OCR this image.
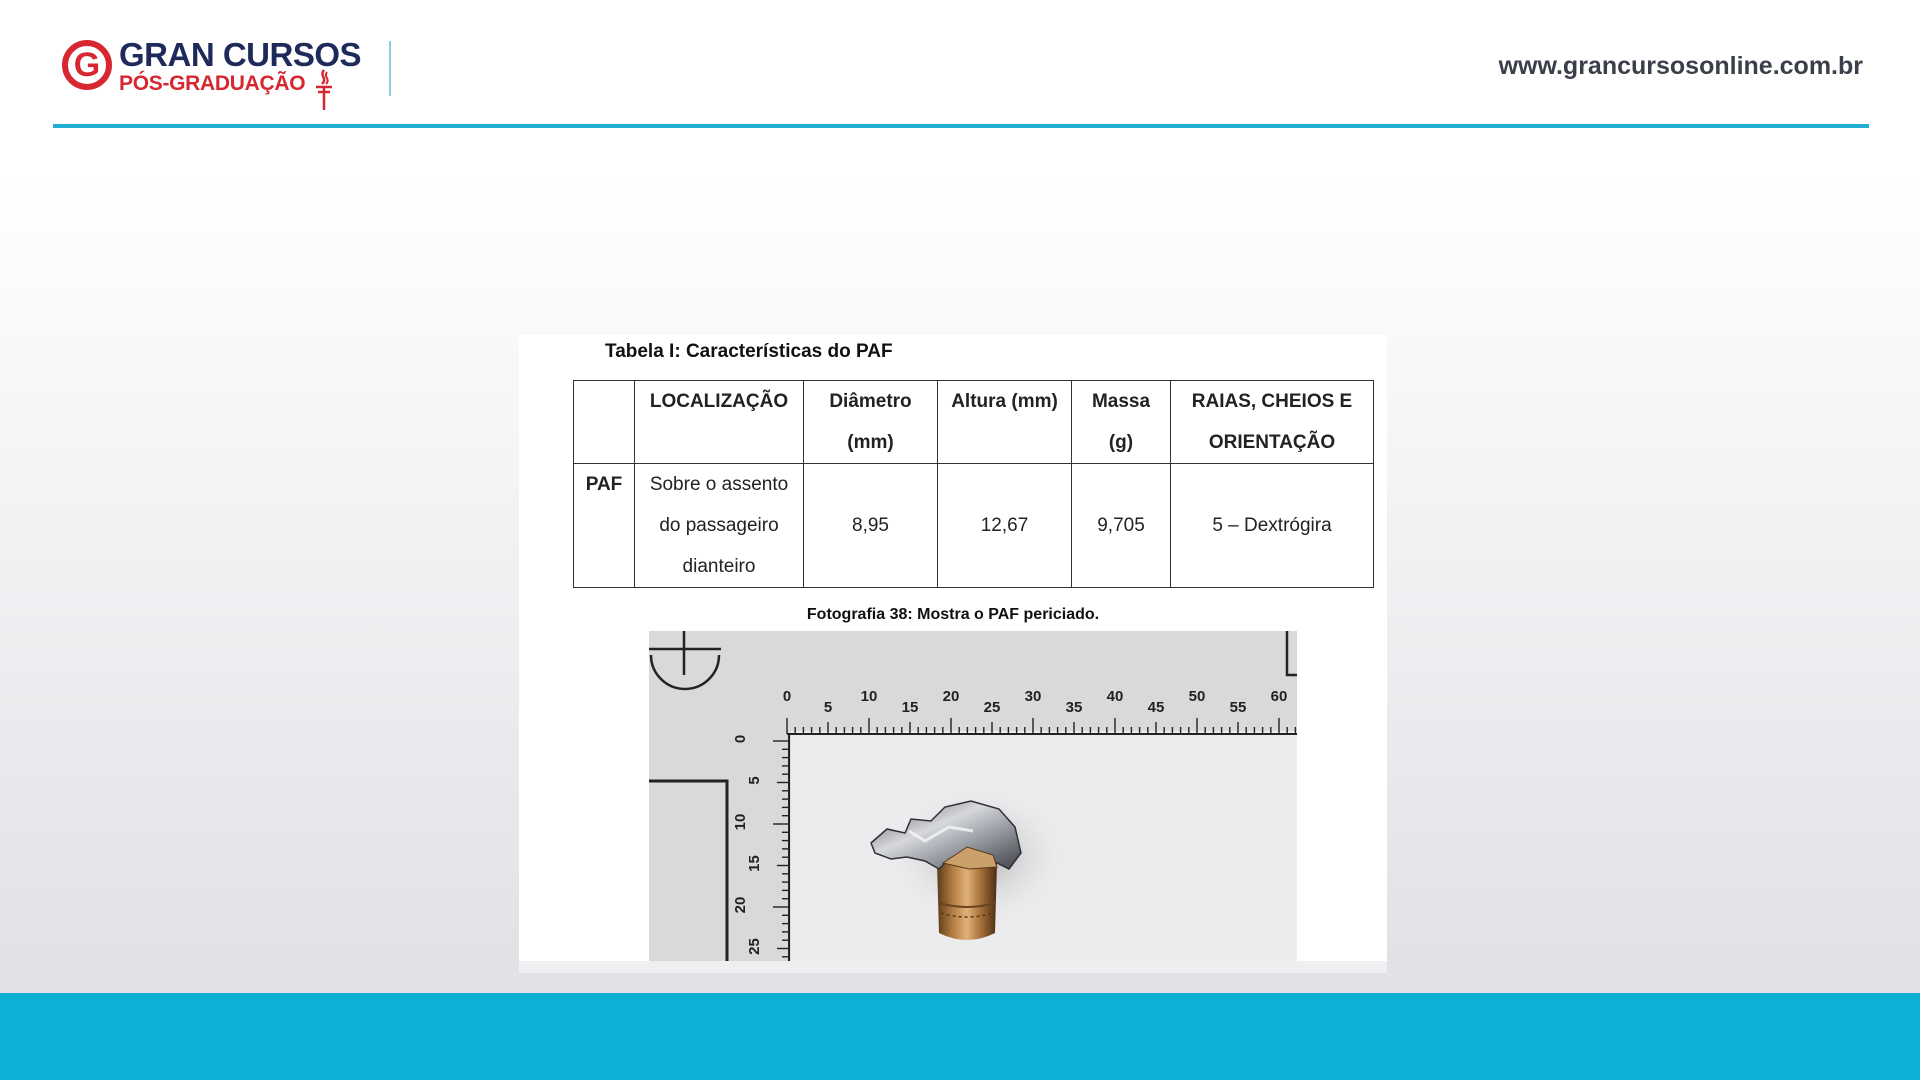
G GRAN CURSOS
PÓS-GRADUAÇÃO
www.grancursosonline.com.br
Tabela I: Características do PAF
	LOCALIZAÇÃO	Diâmetro (mm)	Altura (mm)	Massa (g)	RAIAS, CHEIOS E ORIENTAÇÃO
PAF	Sobre o assento do passageiro dianteiro	8,95	12,67	9,705	5 – Dextrógira
Fotografia 38: Mostra o PAF periciado.
0
5
10
15
20
25
30
35
40
45
50
55
60
0
5
10
15
20
25
